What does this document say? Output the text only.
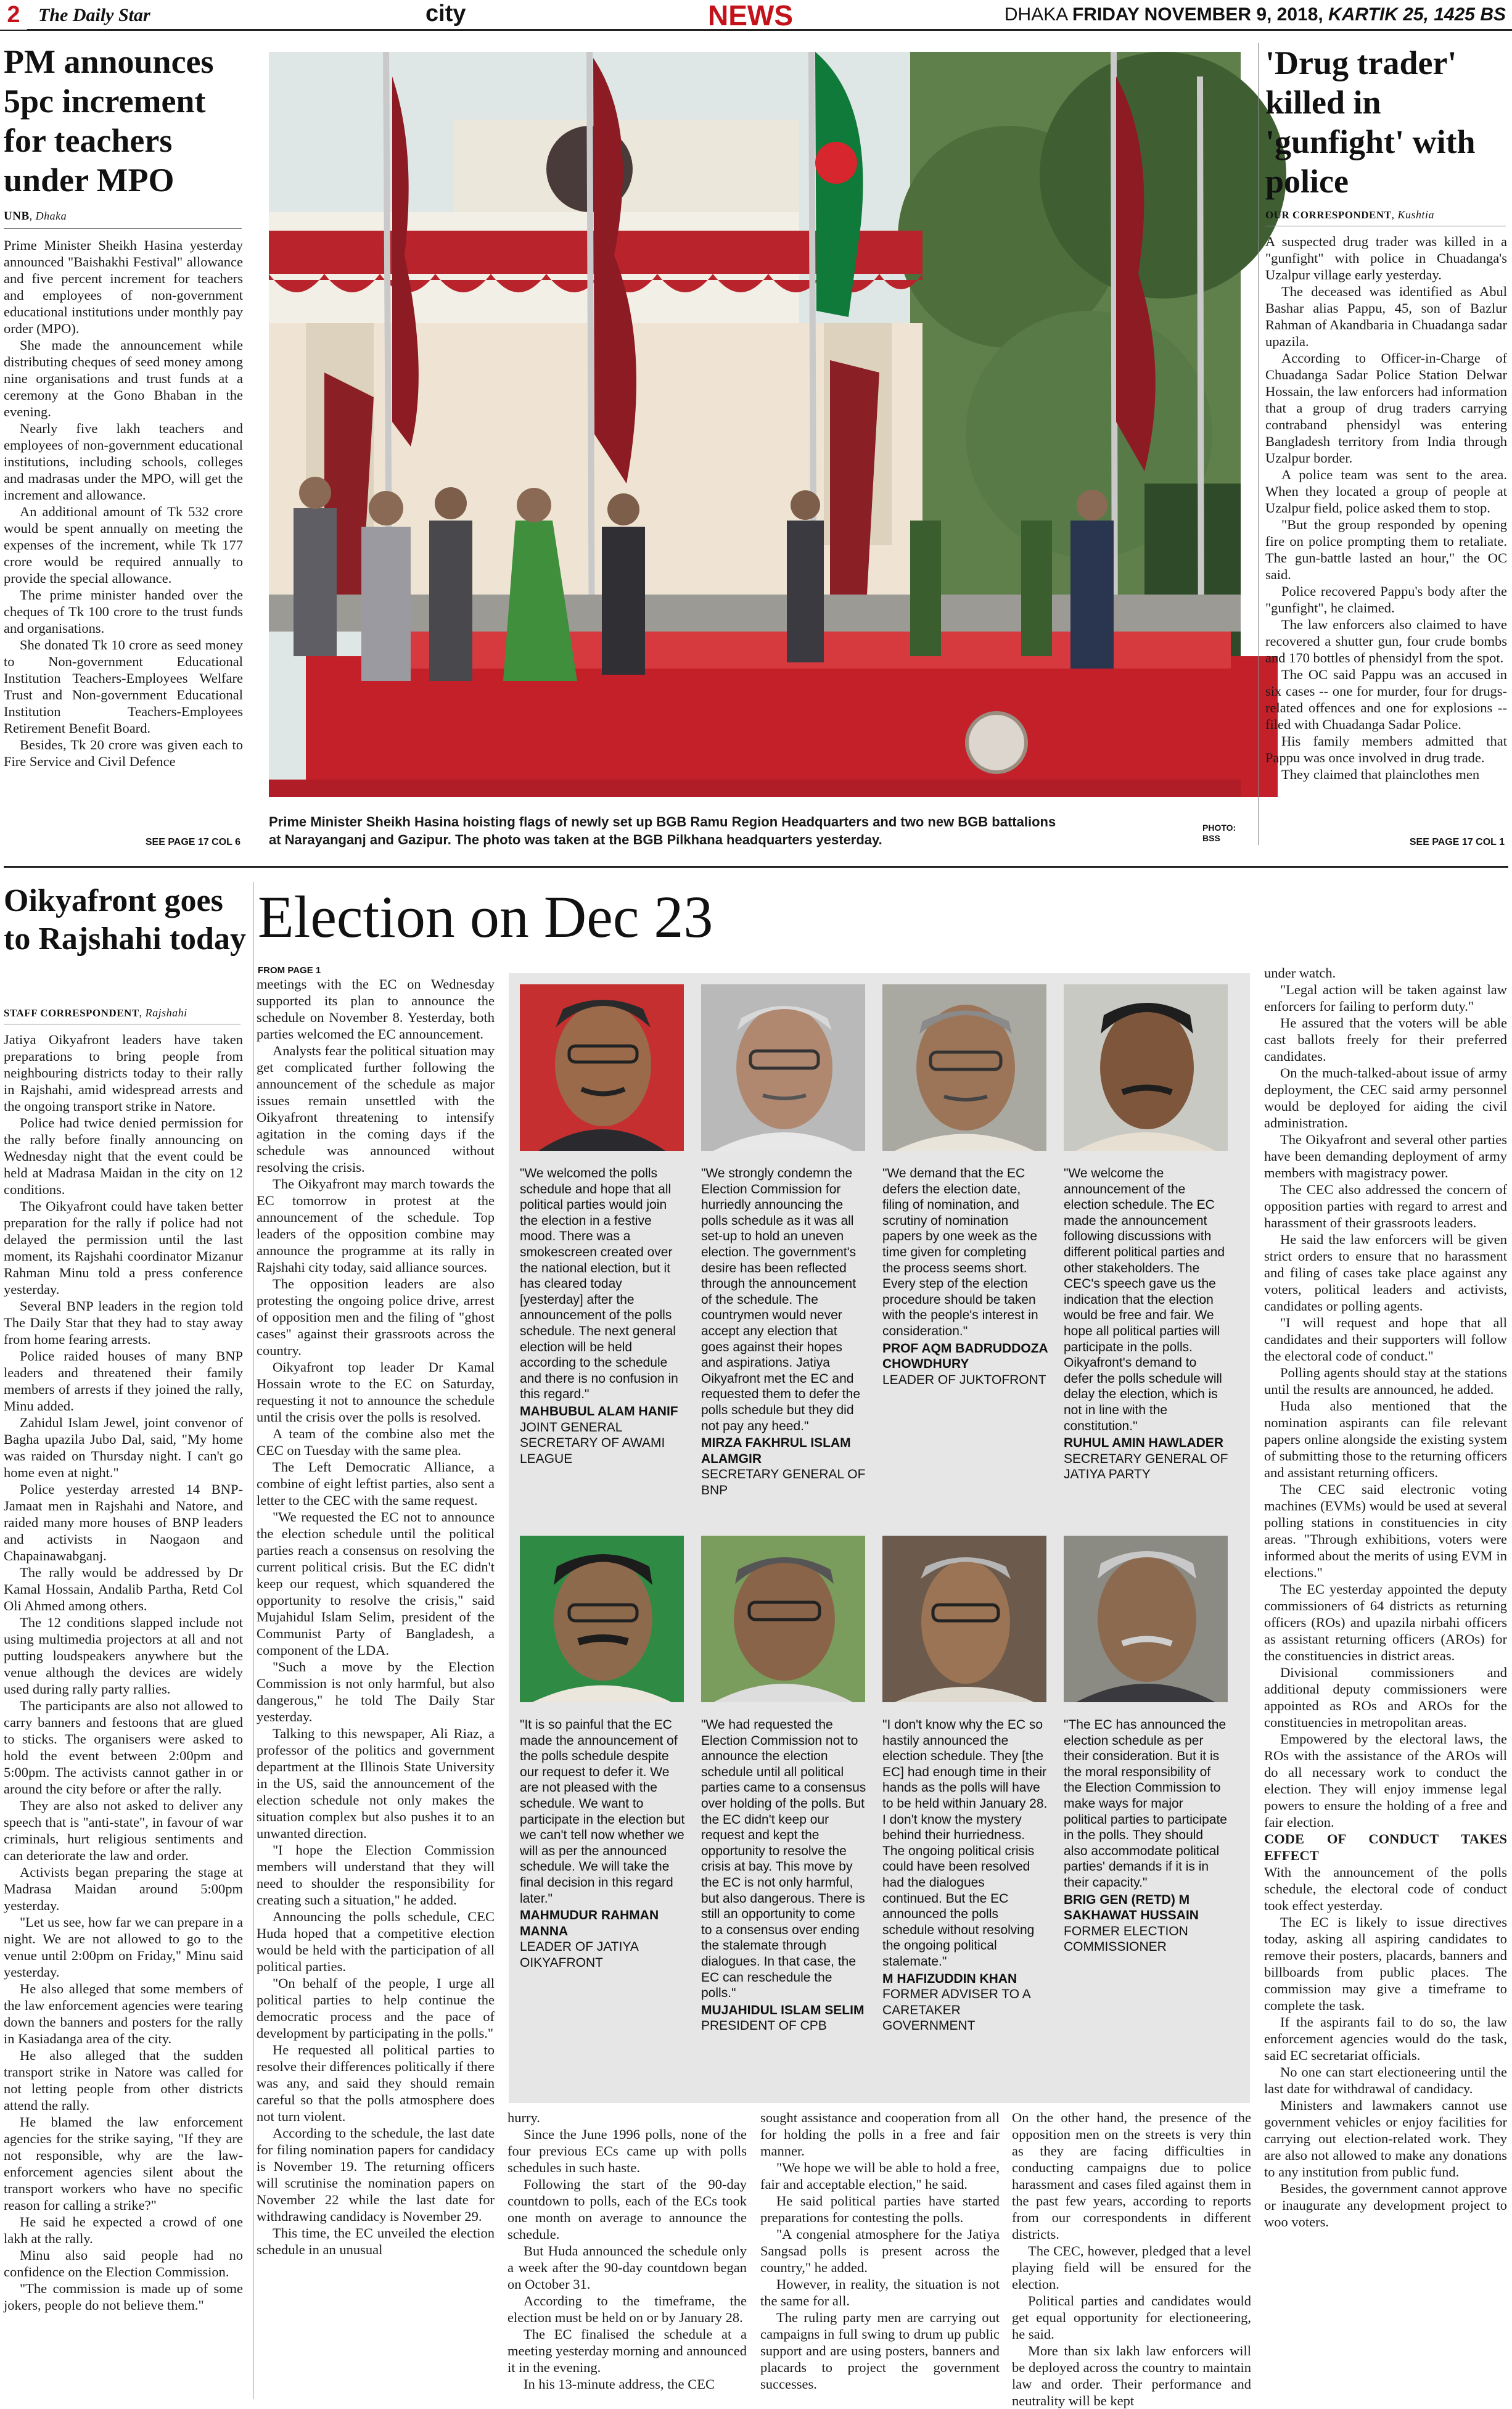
2 The Daily Star	city	NEWS	DHAKA FRIDAY NOVEMBER 9, 2018, KARTIK 25, 1425 BS
PM announces 5pc increment for teachers under MPO
UNB, Dhaka

Prime Minister Sheikh Hasina yesterday announced "Baishakhi Festival" allowance and five percent increment for teachers and employees of non-government educational institutions under monthly pay order (MPO).

She made the announcement while distributing cheques of seed money among nine organisations and trust funds at a ceremony at the Gono Bhaban in the evening.

Nearly five lakh teachers and employees of non-government educational institutions, including schools, colleges and madrasas under the MPO, will get the increment and allowance.

An additional amount of Tk 532 crore would be spent annually on meeting the expenses of the increment, while Tk 177 crore would be required annually to provide the special allowance.

The prime minister handed over the cheques of Tk 100 crore to the trust funds and organisations.

She donated Tk 10 crore as seed money to Non-government Educational Institution Teachers-Employees Welfare Trust and Non-government Educational Institution Teachers-Employees Retirement Benefit Board.

Besides, Tk 20 crore was given each to Fire Service and Civil Defence

SEE PAGE 17 COL 6
Prime Minister Sheikh Hasina hoisting flags of newly set up BGB Ramu Region Headquarters and two new BGB battalions at Narayanganj and Gazipur. The photo was taken at the BGB Pilkhana headquarters yesterday.
PHOTO:
BSS
'Drug trader' killed in 'gunfight' with police
OUR CORRESPONDENT, Kushtia

A suspected drug trader was killed in a "gunfight" with police in Chuadanga's Uzalpur village early yesterday.

The deceased was identified as Abul Bashar alias Pappu, 45, son of Bazlur Rahman of Akandbaria in Chuadanga sadar upazila.

According to Officer-in-Charge of Chuadanga Sadar Police Station Delwar Hossain, the law enforcers had information that a group of drug traders carrying contraband phensidyl was entering Bangladesh territory from India through Uzalpur border.

A police team was sent to the area. When they located a group of people at Uzalpur field, police asked them to stop.

"But the group responded by opening fire on police prompting them to retaliate. The gun-battle lasted an hour," the OC said.

Police recovered Pappu's body after the "gunfight", he claimed.

The law enforcers also claimed to have recovered a shutter gun, four crude bombs and 170 bottles of phensidyl from the spot.

The OC said Pappu was an accused in six cases -- one for murder, four for drugs-related offences and one for explosions -- filed with Chuadanga Sadar Police.

His family members admitted that Pappu was once involved in drug trade.

They claimed that plainclothes men

SEE PAGE 17 COL 1
Oikyafront goes to Rajshahi today
STAFF CORRESPONDENT, Rajshahi

Jatiya Oikyafront leaders have taken preparations to bring people from neighbouring districts today to their rally in Rajshahi, amid widespread arrests and the ongoing transport strike in Natore.

Police had twice denied permission for the rally before finally announcing on Wednesday night that the event could be held at Madrasa Maidan in the city on 12 conditions.

The Oikyafront could have taken better preparation for the rally if police had not delayed the permission until the last moment, its Rajshahi coordinator Mizanur Rahman Minu told a press conference yesterday.

Several BNP leaders in the region told The Daily Star that they had to stay away from home fearing arrests.

Police raided houses of many BNP leaders and threatened their family members of arrests if they joined the rally, Minu added.

Zahidul Islam Jewel, joint convenor of Bagha upazila Jubo Dal, said, "My home was raided on Thursday night. I can't go home even at night."

Police yesterday arrested 14 BNP-Jamaat men in Rajshahi and Natore, and raided many more houses of BNP leaders and activists in Naogaon and Chapainawabganj.

The rally would be addressed by Dr Kamal Hossain, Andalib Partha, Retd Col Oli Ahmed among others.

The 12 conditions slapped include not using multimedia projectors at all and not putting loudspeakers anywhere but the venue although the devices are widely used during rally party rallies.

The participants are also not allowed to carry banners and festoons that are glued to sticks. The organisers were asked to hold the event between 2:00pm and 5:00pm. The activists cannot gather in or around the city before or after the rally.

They are also not asked to deliver any speech that is "anti-state", in favour of war criminals, hurt religious sentiments and can deteriorate the law and order.

Activists began preparing the stage at Madrasa Maidan around 5:00pm yesterday.

"Let us see, how far we can prepare in a night. We are not allowed to go to the venue until 2:00pm on Friday," Minu said yesterday.

He also alleged that some members of the law enforcement agencies were tearing down the banners and posters for the rally in Kasiadanga area of the city.

He also alleged that the sudden transport strike in Natore was called for not letting people from other districts attend the rally.

He blamed the law enforcement agencies for the strike saying, "If they are not responsible, why are the law-enforcement agencies silent about the transport workers who have no specific reason for calling a strike?"

He said he expected a crowd of one lakh at the rally.

Minu also said people had no confidence on the Election Commission.

"The commission is made up of some jokers, people do not believe them."

Election on Dec 23
FROM PAGE 1

meetings with the EC on Wednesday supported its plan to announce the schedule on November 8. Yesterday, both parties welcomed the EC announcement.

Analysts fear the political situation may get complicated further following the announcement of the schedule as major issues remain unsettled with the Oikyafront threatening to intensify agitation in the coming days if the schedule was announced without resolving the crisis.

The Oikyafront may march towards the EC tomorrow in protest at the announcement of the schedule. Top leaders of the opposition combine may announce the programme at its rally in Rajshahi city today, said alliance sources.

The opposition leaders are also protesting the ongoing police drive, arrest of opposition men and the filing of "ghost cases" against their grassroots across the country.

Oikyafront top leader Dr Kamal Hossain wrote to the EC on Saturday, requesting it not to announce the schedule until the crisis over the polls is resolved.

A team of the combine also met the CEC on Tuesday with the same plea.

The Left Democratic Alliance, a combine of eight leftist parties, also sent a letter to the CEC with the same request.

"We requested the EC not to announce the election schedule until the political parties reach a consensus on resolving the current political crisis. But the EC didn't keep our request, which squandered the opportunity to resolve the crisis," said Mujahidul Islam Selim, president of the Communist Party of Bangladesh, a component of the LDA.

"Such a move by the Election Commission is not only harmful, but also dangerous," he told The Daily Star yesterday.

Talking to this newspaper, Ali Riaz, a professor of the politics and government department at the Illinois State University in the US, said the announcement of the election schedule not only makes the situation complex but also pushes it to an unwanted direction.

"I hope the Election Commission members will understand that they will need to shoulder the responsibility for creating such a situation," he added.

Announcing the polls schedule, CEC Huda hoped that a competitive election would be held with the participation of all political parties.

"On behalf of the people, I urge all political parties to help continue the democratic process and the pace of development by participating in the polls."

He requested all political parties to resolve their differences politically if there was any, and said they should remain careful so that the polls atmosphere does not turn violent.

According to the schedule, the last date for filing nomination papers for candidacy is November 19. The returning officers will scrutinise the nomination papers on November 22 while the last date for withdrawing candidacy is November 29.

This time, the EC unveiled the election schedule in an unusual

"We welcomed the polls schedule and hope that all political parties would join the election in a festive mood. There was a smokescreen created over the national election, but it has cleared today [yesterday] after the announcement of the polls schedule. The next general election will be held according to the schedule and there is no confusion in this regard."
MAHBUBUL ALAM HANIF
JOINT GENERAL SECRETARY OF AWAMI LEAGUE
"We strongly condemn the Election Commission for hurriedly announcing the polls schedule as it was all set-up to hold an uneven election. The government's desire has been reflected through the announcement of the schedule. The countrymen would never accept any election that goes against their hopes and aspirations. Jatiya Oikyafront met the EC and requested them to defer the polls schedule but they did not pay any heed."
MIRZA FAKHRUL ISLAM ALAMGIR
SECRETARY GENERAL OF BNP
"We demand that the EC defers the election date, filing of nomination, and scrutiny of nomination papers by one week as the time given for completing the process seems short. Every step of the election procedure should be taken with the people's interest in consideration."
PROF AQM BADRUDDOZA CHOWDHURY
LEADER OF JUKTOFRONT
"We welcome the announcement of the election schedule. The EC made the announcement following discussions with different political parties and other stakeholders. The CEC's speech gave us the indication that the election would be free and fair. We hope all political parties will participate in the polls. Oikyafront's demand to defer the polls schedule will delay the election, which is not in line with the constitution."
RUHUL AMIN HAWLADER
SECRETARY GENERAL OF JATIYA PARTY
"It is so painful that the EC made the announcement of the polls schedule despite our request to defer it. We are not pleased with the schedule. We want to participate in the election but we can't tell now whether we will as per the announced schedule. We will take the final decision in this regard later."
MAHMUDUR RAHMAN MANNA
LEADER OF JATIYA OIKYAFRONT
"We had requested the Election Commission not to announce the election schedule until all political parties came to a consensus over holding of the polls. But the EC didn't keep our request and kept the opportunity to resolve the crisis at bay. This move by the EC is not only harmful, but also dangerous. There is still an opportunity to come to a consensus over ending the stalemate through dialogues. In that case, the EC can reschedule the polls."
MUJAHIDUL ISLAM SELIM
PRESIDENT OF CPB
"I don't know why the EC so hastily announced the election schedule. They [the EC] had enough time in their hands as the polls will have to be held within January 28. I don't know the mystery behind their hurriedness. The ongoing political crisis could have been resolved had the dialogues continued. But the EC announced the polls schedule without resolving the ongoing political stalemate."
M HAFIZUDDIN KHAN
FORMER ADVISER TO A CARETAKER GOVERNMENT
"The EC has announced the election schedule as per their consideration. But it is the moral responsibility of the Election Commission to make ways for major political parties to participate in the polls. They should also accommodate political parties' demands if it is in their capacity."
BRIG GEN (RETD) M SAKHAWAT HUSSAIN
FORMER ELECTION COMMISSIONER

hurry.

Since the June 1996 polls, none of the four previous ECs came up with polls schedules in such haste.

Following the start of the 90-day countdown to polls, each of the ECs took one month on average to announce the schedule.

But Huda announced the schedule only a week after the 90-day countdown began on October 31.

According to the timeframe, the election must be held on or by January 28.

The EC finalised the schedule at a meeting yesterday morning and announced it in the evening.

In his 13-minute address, the CEC

sought assistance and cooperation from all for holding the polls in a free and fair manner.

"We hope we will be able to hold a free, fair and acceptable election," he said.

He said political parties have started preparations for contesting the polls.

"A congenial atmosphere for the Jatiya Sangsad polls is present across the country," he added.

However, in reality, the situation is not the same for all.

The ruling party men are carrying out campaigns in full swing to drum up public support and are using posters, banners and placards to project the government successes.

On the other hand, the presence of the opposition men on the streets is very thin as they are facing difficulties in conducting campaigns due to police harassment and cases filed against them in the past few years, according to reports from our correspondents in different districts.

The CEC, however, pledged that a level playing field will be ensured for the election.

Political parties and candidates would get equal opportunity for electioneering, he said.

More than six lakh law enforcers will be deployed across the country to maintain law and order. Their performance and neutrality will be kept

under watch.

"Legal action will be taken against law enforcers for failing to perform duty."

He assured that the voters will be able cast ballots freely for their preferred candidates.

On the much-talked-about issue of army deployment, the CEC said army personnel would be deployed for aiding the civil administration.

The Oikyafront and several other parties have been demanding deployment of army members with magistracy power.

The CEC also addressed the concern of opposition parties with regard to arrest and harassment of their grassroots leaders.

He said the law enforcers will be given strict orders to ensure that no harassment and filing of cases take place against any voters, political leaders and activists, candidates or polling agents.

"I will request and hope that all candidates and their supporters will follow the electoral code of conduct."

Polling agents should stay at the stations until the results are announced, he added.

Huda also mentioned that the nomination aspirants can file relevant papers online alongside the existing system of submitting those to the returning officers and assistant returning officers.

The CEC said electronic voting machines (EVMs) would be used at several polling stations in constituencies in city areas. "Through exhibitions, voters were informed about the merits of using EVM in elections."

The EC yesterday appointed the deputy commissioners of 64 districts as returning officers (ROs) and upazila nirbahi officers as assistant returning officers (AROs) for the constituencies in district areas.

Divisional commissioners and additional deputy commissioners were appointed as ROs and AROs for the constituencies in metropolitan areas.

Empowered by the electoral laws, the ROs with the assistance of the AROs will do all necessary work to conduct the election. They will enjoy immense legal powers to ensure the holding of a free and fair election.

CODE OF CONDUCT TAKES EFFECT

With the announcement of the polls schedule, the electoral code of conduct took effect yesterday.

The EC is likely to issue directives today, asking all aspiring candidates to remove their posters, placards, banners and billboards from public places. The commission may give a timeframe to complete the task.

If the aspirants fail to do so, the law enforcement agencies would do the task, said EC secretariat officials.

No one can start electioneering until the last date for withdrawal of candidacy.

Ministers and lawmakers cannot use government vehicles or enjoy facilities for carrying out election-related work. They are also not allowed to make any donations to any institution from public fund.

Besides, the government cannot approve or inaugurate any development project to woo voters.
